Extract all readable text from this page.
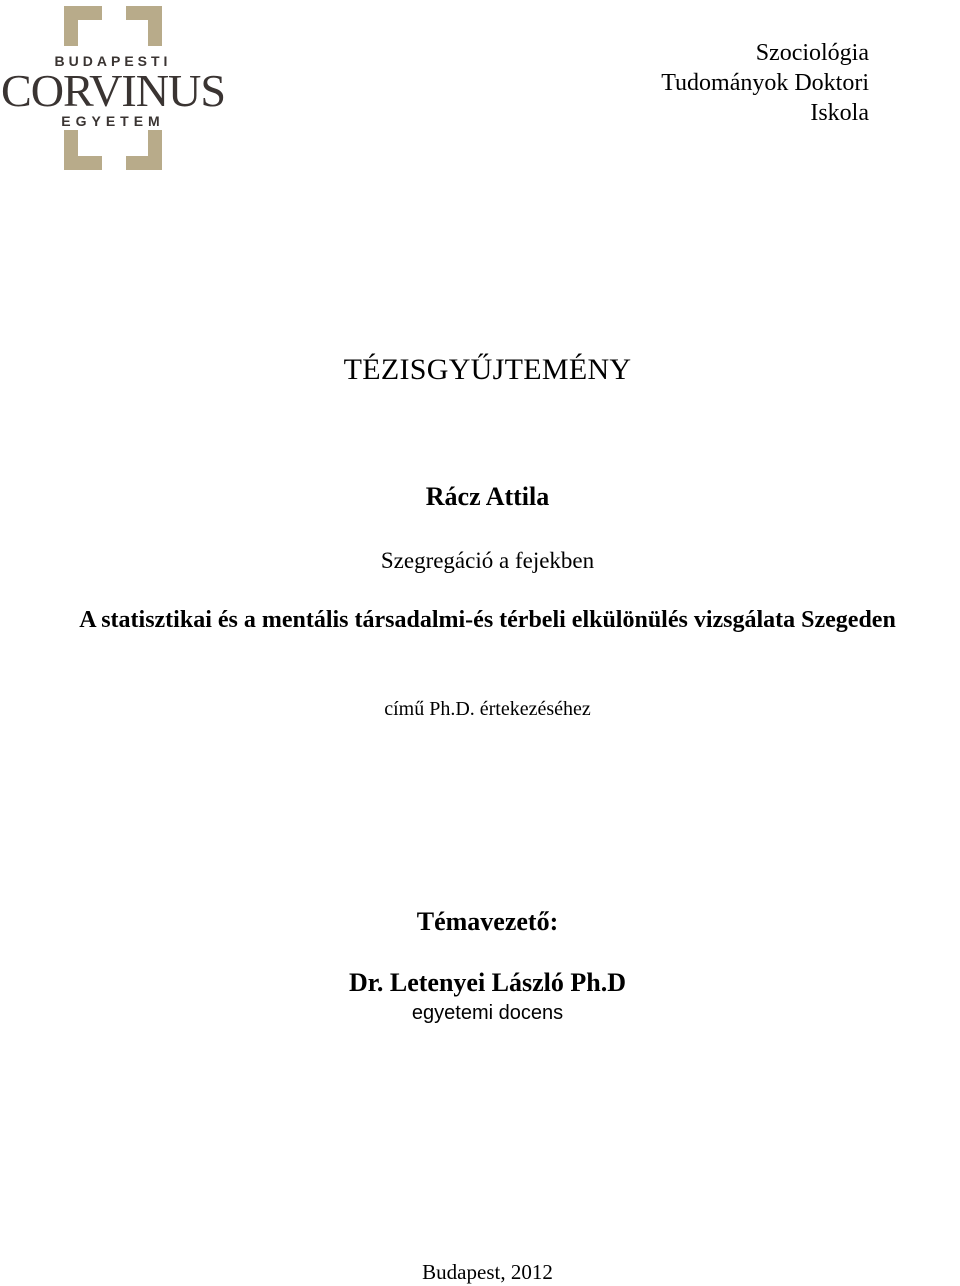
BUDAPESTI
CORVINUS
EGYETEM
Szociológia
Tudományok Doktori
Iskola
TÉZISGYŰJTEMÉNY
Rácz Attila
Szegregáció a fejekben
A statisztikai és a mentális társadalmi-és térbeli elkülönülés vizsgálata Szegeden
című Ph.D. értekezéséhez
Témavezető:
Dr. Letenyei László Ph.D
egyetemi docens
Budapest, 2012
